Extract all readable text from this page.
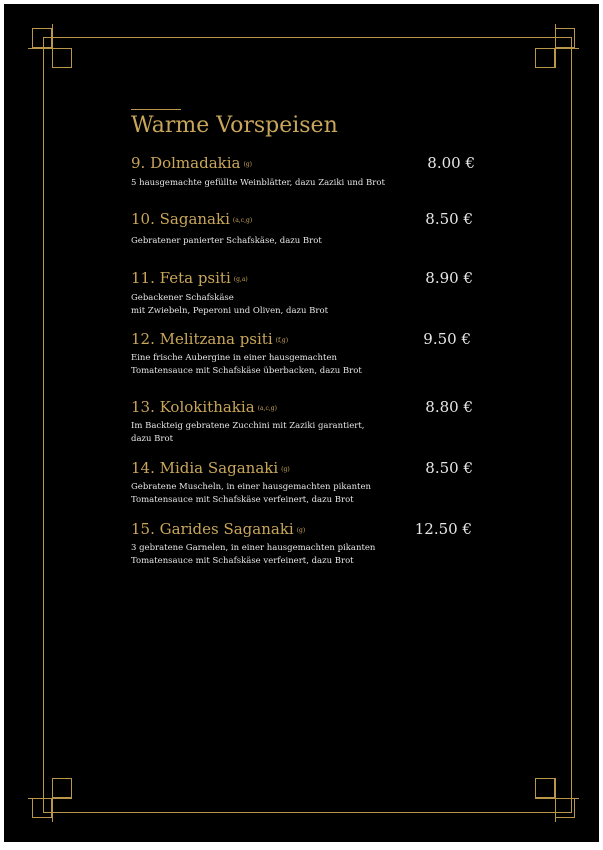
Warme Vorspeisen
9. Dolmadakia (g)	8.00 €
5 hausgemachte gefüllte Weinblätter, dazu Zaziki und Brot
10. Saganaki (a,c,g)	8.50 €
Gebratener panierter Schafskäse, dazu Brot
11. Feta psiti (g,a)	8.90 €
Gebackener Schafskäse
mit Zwiebeln, Peperoni und Oliven, dazu Brot
12. Melitzana psiti (f,g)	9.50 €
Eine frische Aubergine in einer hausgemachten
Tomatensauce mit Schafskäse überbacken, dazu Brot
13. Kolokithakia (a,c,g)	8.80 €
Im Backteig gebratene Zucchini mit Zaziki garantiert,
dazu Brot
14. Midia Saganaki (g)	8.50 €
Gebratene Muscheln, in einer hausgemachten pikanten
Tomatensauce mit Schafskäse verfeinert, dazu Brot
15. Garides Saganaki (g)	12.50 €
3 gebratene Garnelen, in einer hausgemachten pikanten
Tomatensauce mit Schafskäse verfeinert, dazu Brot
